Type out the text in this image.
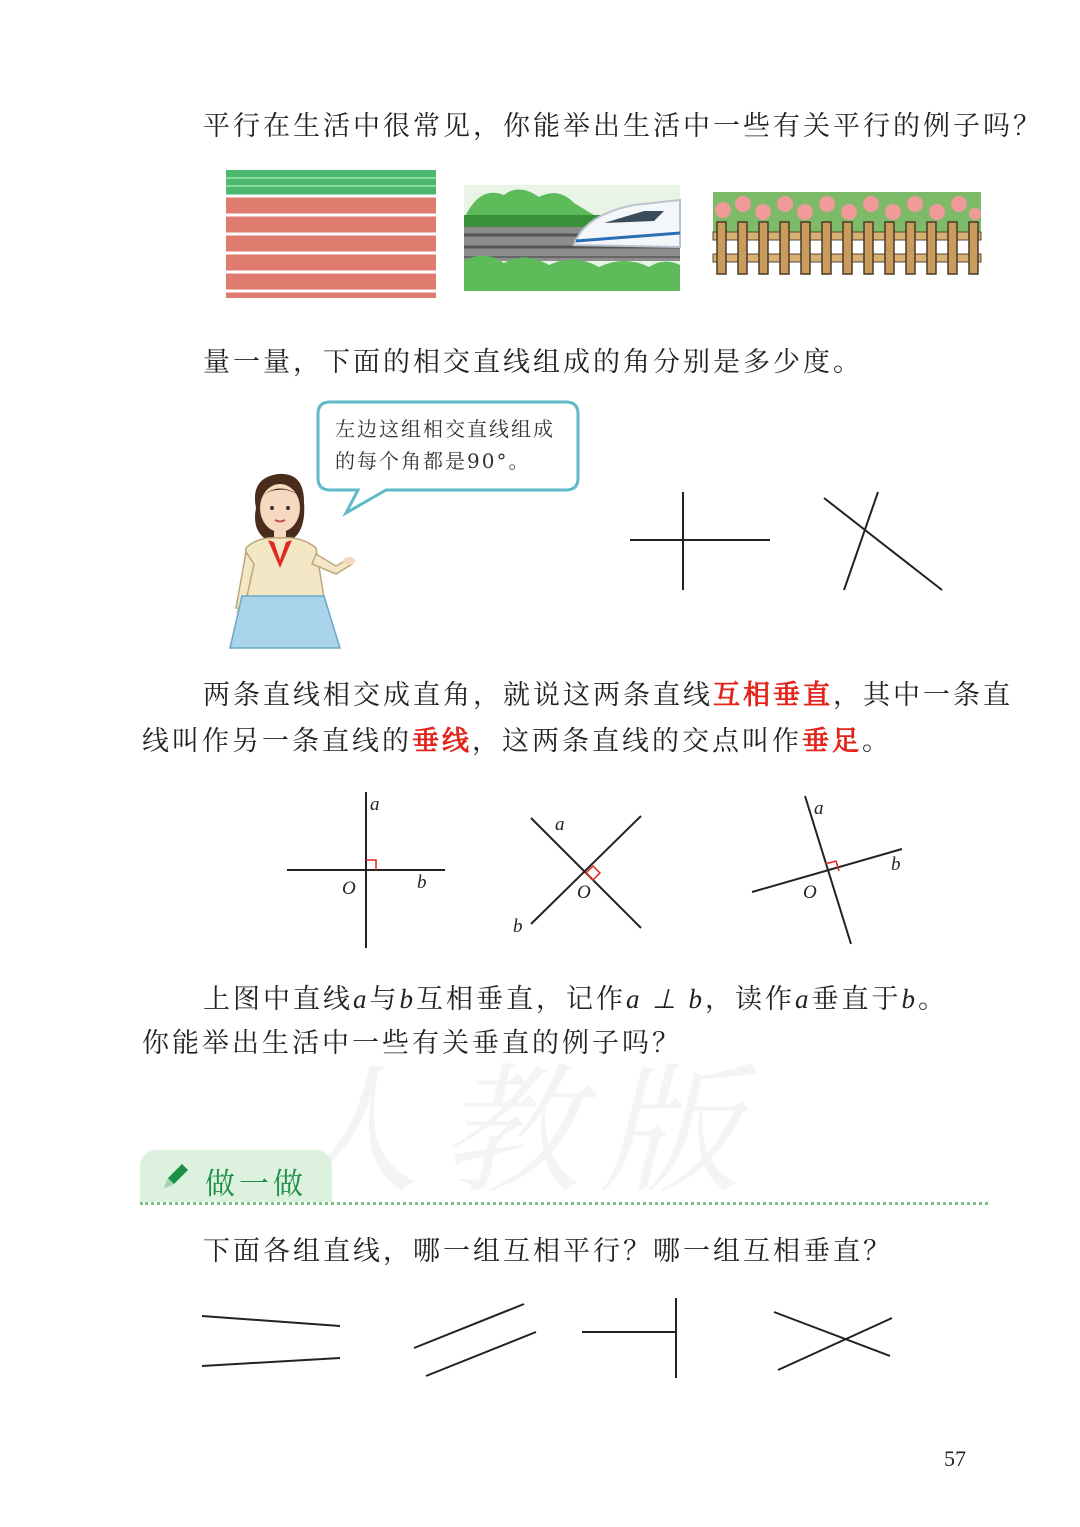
平行在生活中很常见，你能举出生活中一些有关平行的例子吗？
量一量，下面的相交直线组成的角分别是多少度。
左边这组相交直线组成
的每个角都是90°。
两条直线相交成直角，就说这两条直线互相垂直，其中一条直
线叫作另一条直线的垂线，这两条直线的交点叫作垂足。
a
O	b
a
O
b
a
O
b
上图中直线a与b互相垂直，记作a ⊥ b，读作a垂直于b。
你能举出生活中一些有关垂直的例子吗？
做一做
下面各组直线，哪一组互相平行？哪一组互相垂直？
57
